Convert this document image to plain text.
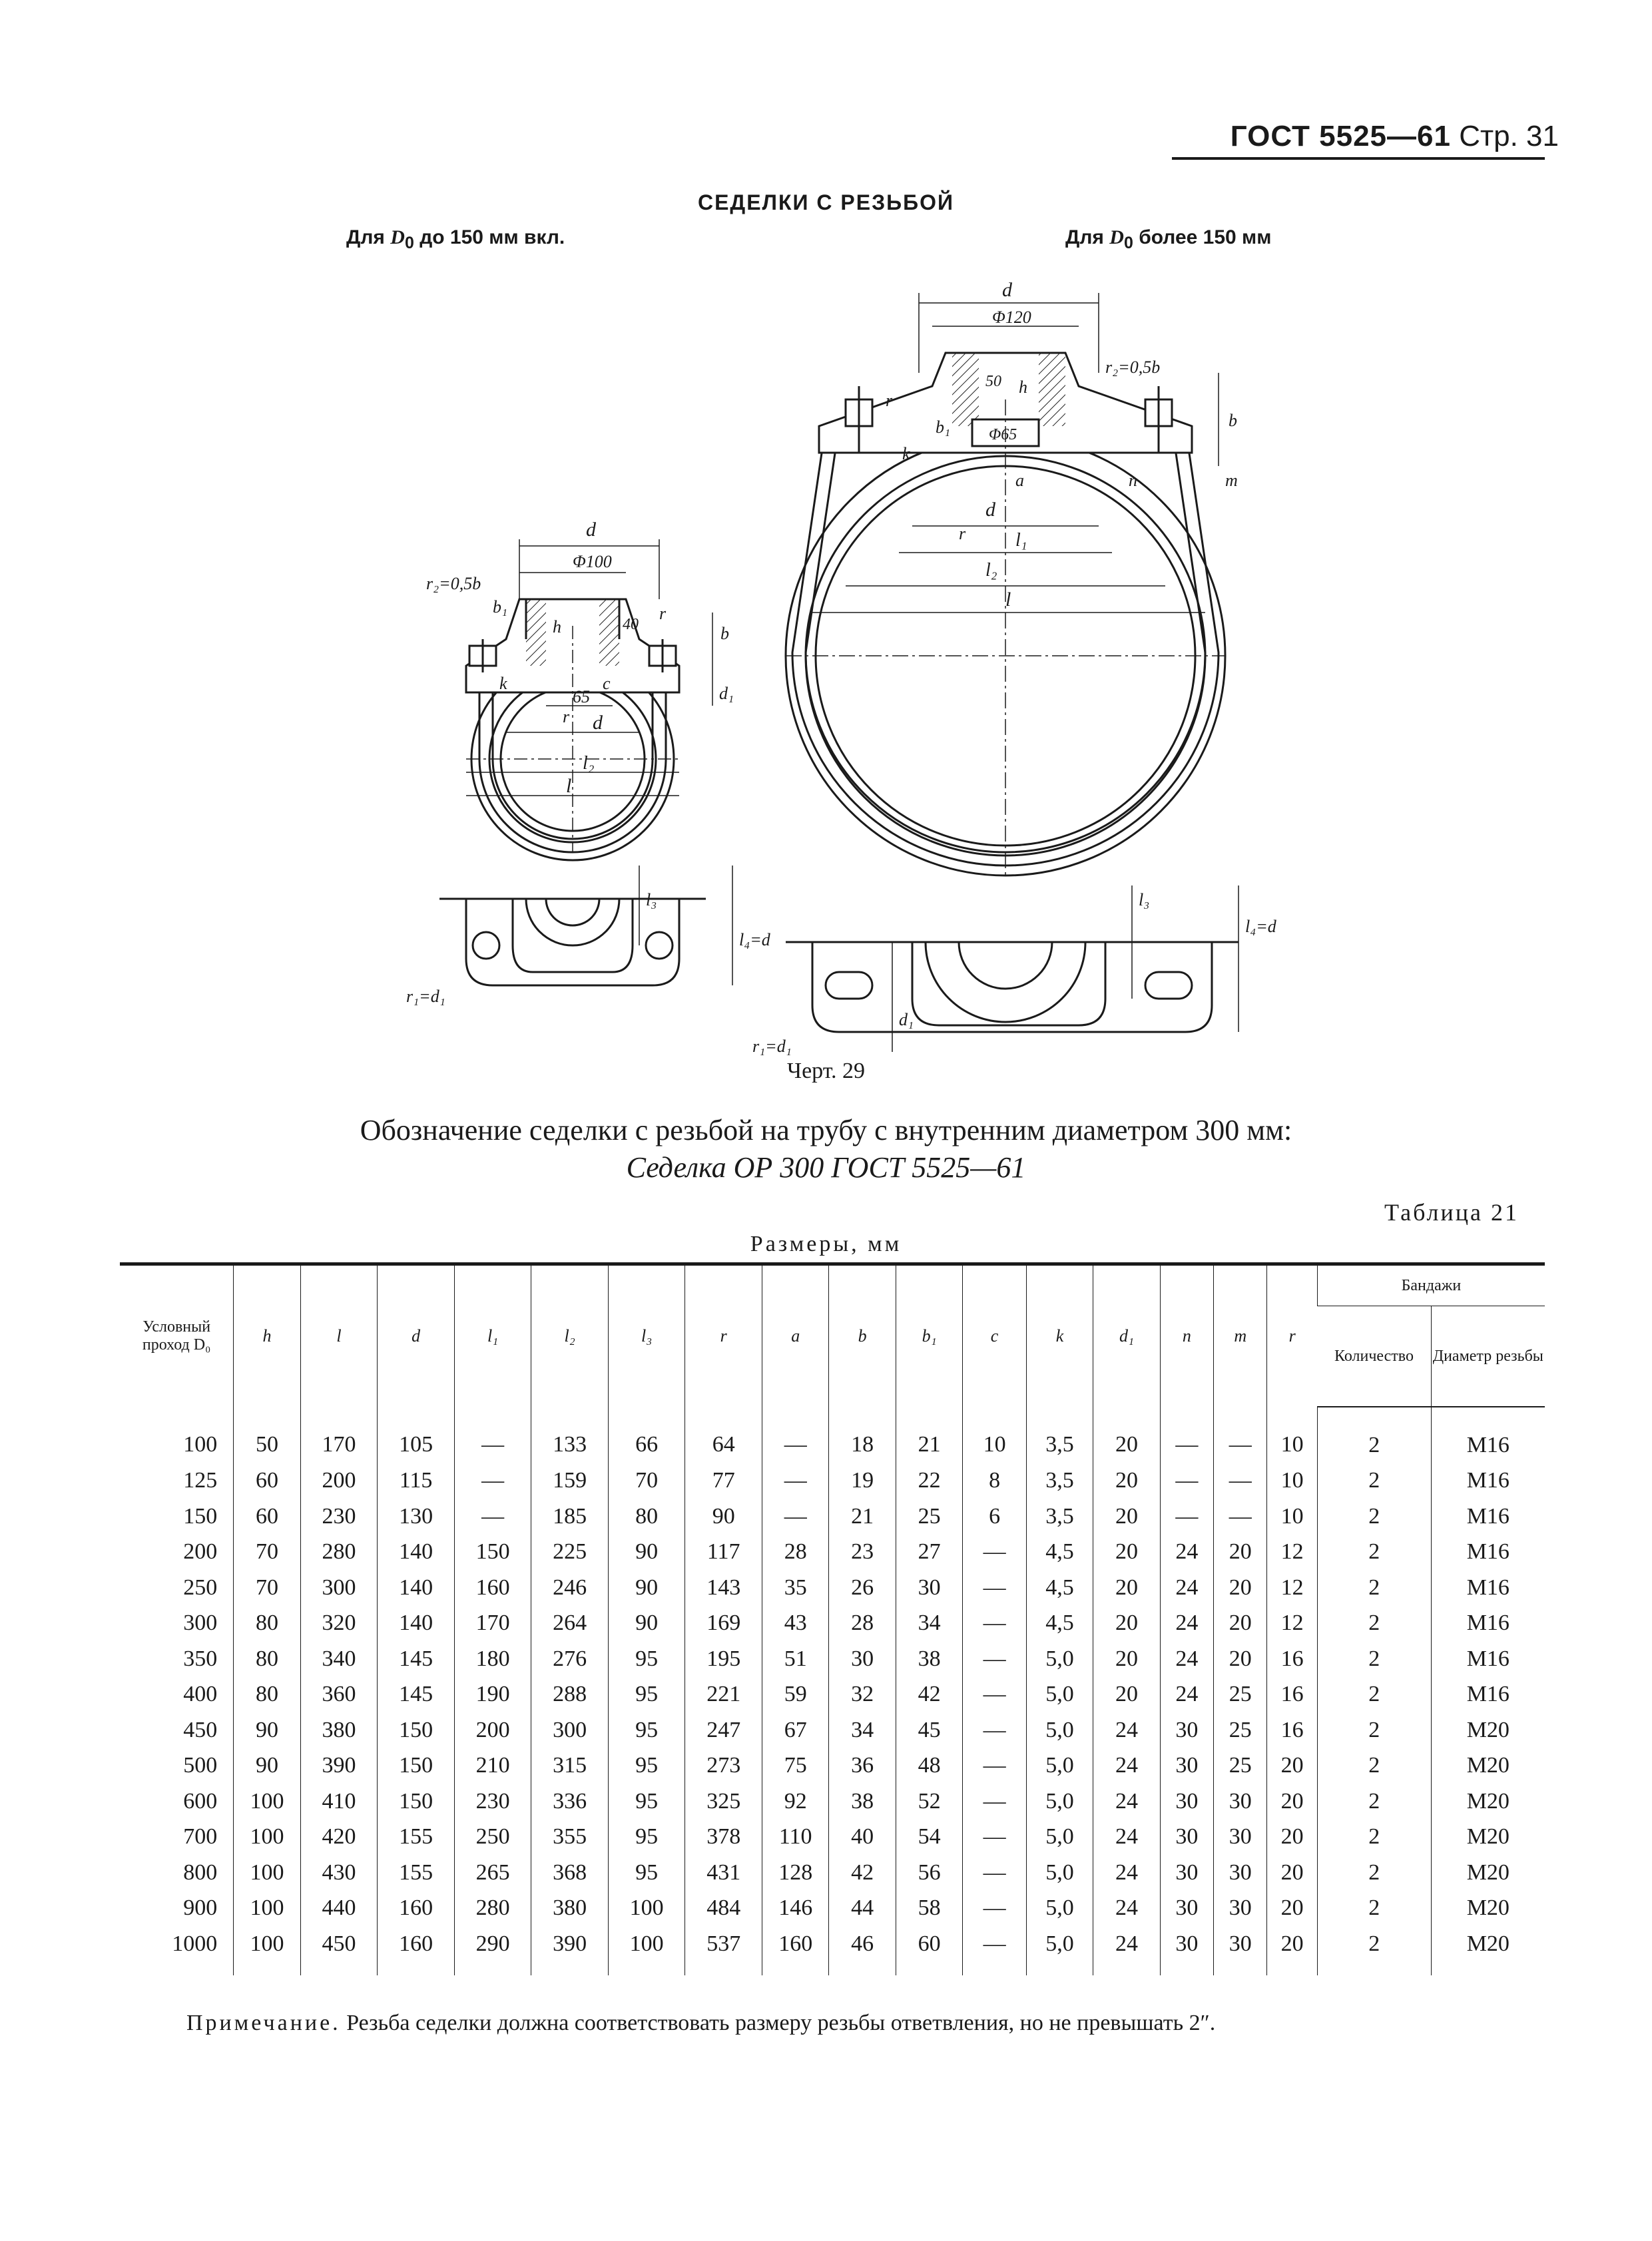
ГОСТ 5525—61 Стр. 31
СЕДЕЛКИ С РЕЗЬБОЙ
Для $D_0$ до 150 мм вкл.	Для $D_0$ более 150 мм
d
Φ100
r₂=0,5b
b₁
h	40
r
b
k	c
d₁
65
r d
l₂
l
l₃
l₄=d
r₁=d₁
d
Φ120
50 h
r₂=0,5b
r
b₁ Φ65
k
a
b
n	m
d
r	l₁
l₂
l
l₃
l₄=d
d₁
r₁=d₁
Черт. 29
Обозначение седелки с резьбой на трубу с внутренним диаметром 300 мм:
Седелка ОР 300 ГОСТ 5525—61
Таблица 21
Размеры, мм
Условный проход D₀	h	l	d	l₁	l₂	l₃	r	a	b	b₁	c	k	d₁	n	m	r	Бандажи	
																	Количество	Диаметр резьбы
100	50	170	105	—	133	66	64	—	18	21	10	3,5	20	—	—	10	2	М16
125	60	200	115	—	159	70	77	—	19	22	8	3,5	20	—	—	10	2	М16
150	60	230	130	—	185	80	90	—	21	25	6	3,5	20	—	—	10	2	М16
200	70	280	140	150	225	90	117	28	23	27	—	4,5	20	24	20	12	2	М16
250	70	300	140	160	246	90	143	35	26	30	—	4,5	20	24	20	12	2	М16
300	80	320	140	170	264	90	169	43	28	34	—	4,5	20	24	20	12	2	М16
350	80	340	145	180	276	95	195	51	30	38	—	5,0	20	24	20	16	2	М16
400	80	360	145	190	288	95	221	59	32	42	—	5,0	20	24	25	16	2	М16
450	90	380	150	200	300	95	247	67	34	45	—	5,0	24	30	25	16	2	М20
500	90	390	150	210	315	95	273	75	36	48	—	5,0	24	30	25	20	2	М20
600	100	410	150	230	336	95	325	92	38	52	—	5,0	24	30	30	20	2	М20
700	100	420	155	250	355	95	378	110	40	54	—	5,0	24	30	30	20	2	М20
800	100	430	155	265	368	95	431	128	42	56	—	5,0	24	30	30	20	2	М20
900	100	440	160	280	380	100	484	146	44	58	—	5,0	24	30	30	20	2	М20
1000	100	450	160	290	390	100	537	160	46	60	—	5,0	24	30	30	20	2	М20
Примечание. Резьба седелки должна соответствовать размеру резьбы ответвления, но не превышать 2″.
